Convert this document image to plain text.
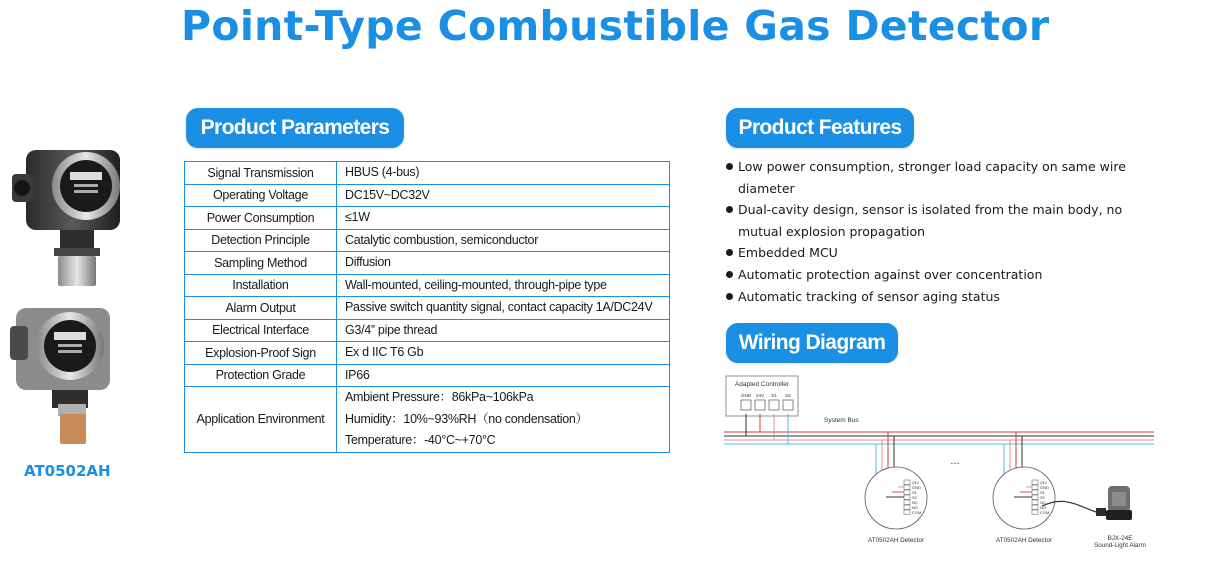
Point-Type Combustible Gas Detector
AT0502AH
Product Parameters
Signal Transmission	HBUS (4-bus)

Operating Voltage	DC15V~DC32V

Power Consumption	≤1W

Detection Principle	Catalytic combustion, semiconductor

Sampling Method	Diffusion

Installation	Wall-mounted, ceiling-mounted, through-pipe type

Alarm Output	Passive switch quantity signal, contact capacity 1A/DC24V

Electrical Interface	G3/4” pipe thread

Explosion-Proof Sign	Ex d IIC T6 Gb

Protection Grade	IP66

Application Environment	Ambient Pressure：86kPa~106kPa
Humidity：10%~93%RH（no condensation）
Temperature：-40°C~+70°C
Product Features
Low power consumption, stronger load capacity on same wire diameter
Dual-cavity design, sensor is isolated from the main body, no mutual explosion propagation
Embedded MCU
Automatic protection against over concentration
Automatic tracking of sensor aging status
Wiring Diagram
Adapted Controller
GND 24V S1 S2
System Bus
...
24V
GND
S1
S2
NC
NO
COM
AT0502AH Detector
24V
GND
S1
S2
NC
NO
COM
AT0502AH Detector	BJX-24E
Sound-Light Alarm
